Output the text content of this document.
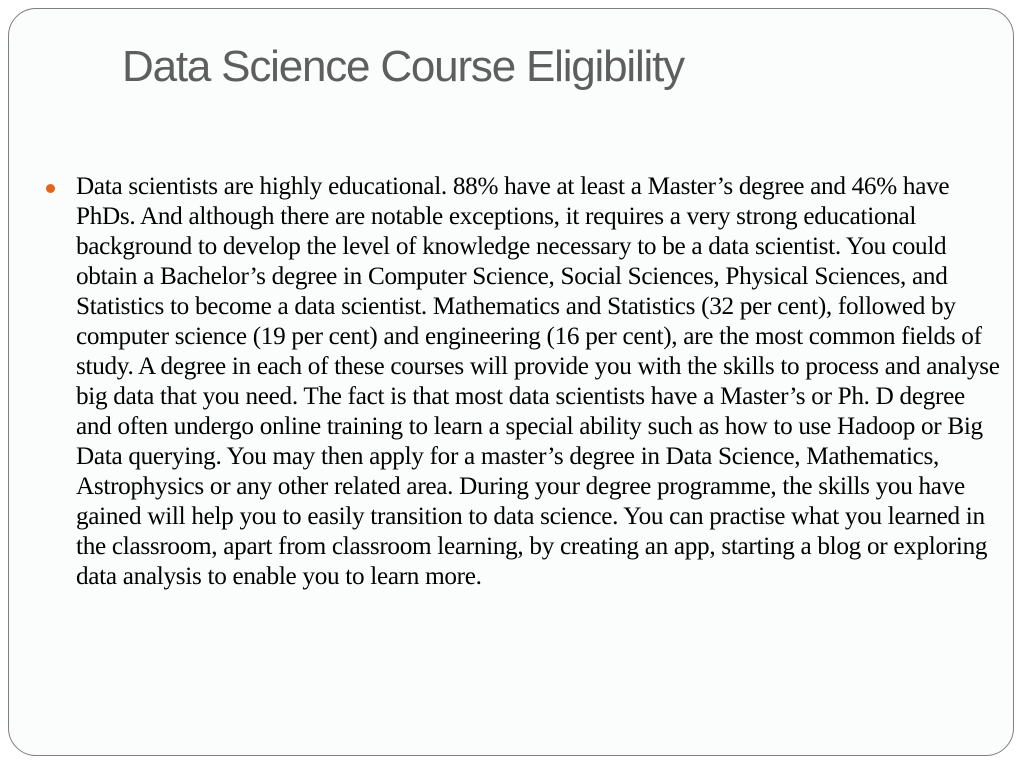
Data Science Course Eligibility
Data scientists are highly educational. 88% have at least a Master’s degree and 46% have PhDs. And although there are notable exceptions, it requires a very strong educational background to develop the level of knowledge necessary to be a data scientist. You could obtain a Bachelor’s degree in Computer Science, Social Sciences, Physical Sciences, and Statistics to become a data scientist. Mathematics and Statistics (32 per cent), followed by computer science (19 per cent) and engineering (16 per cent), are the most common fields of study. A degree in each of these courses will provide you with the skills to process and analyse big data that you need. The fact is that most data scientists have a Master’s or Ph. D degree and often undergo online training to learn a special ability such as how to use Hadoop or Big Data querying. You may then apply for a master’s degree in Data Science, Mathematics, Astrophysics or any other related area. During your degree programme, the skills you have gained will help you to easily transition to data science. You can practise what you learned in the classroom, apart from classroom learning, by creating an app, starting a blog or exploring data analysis to enable you to learn more.
